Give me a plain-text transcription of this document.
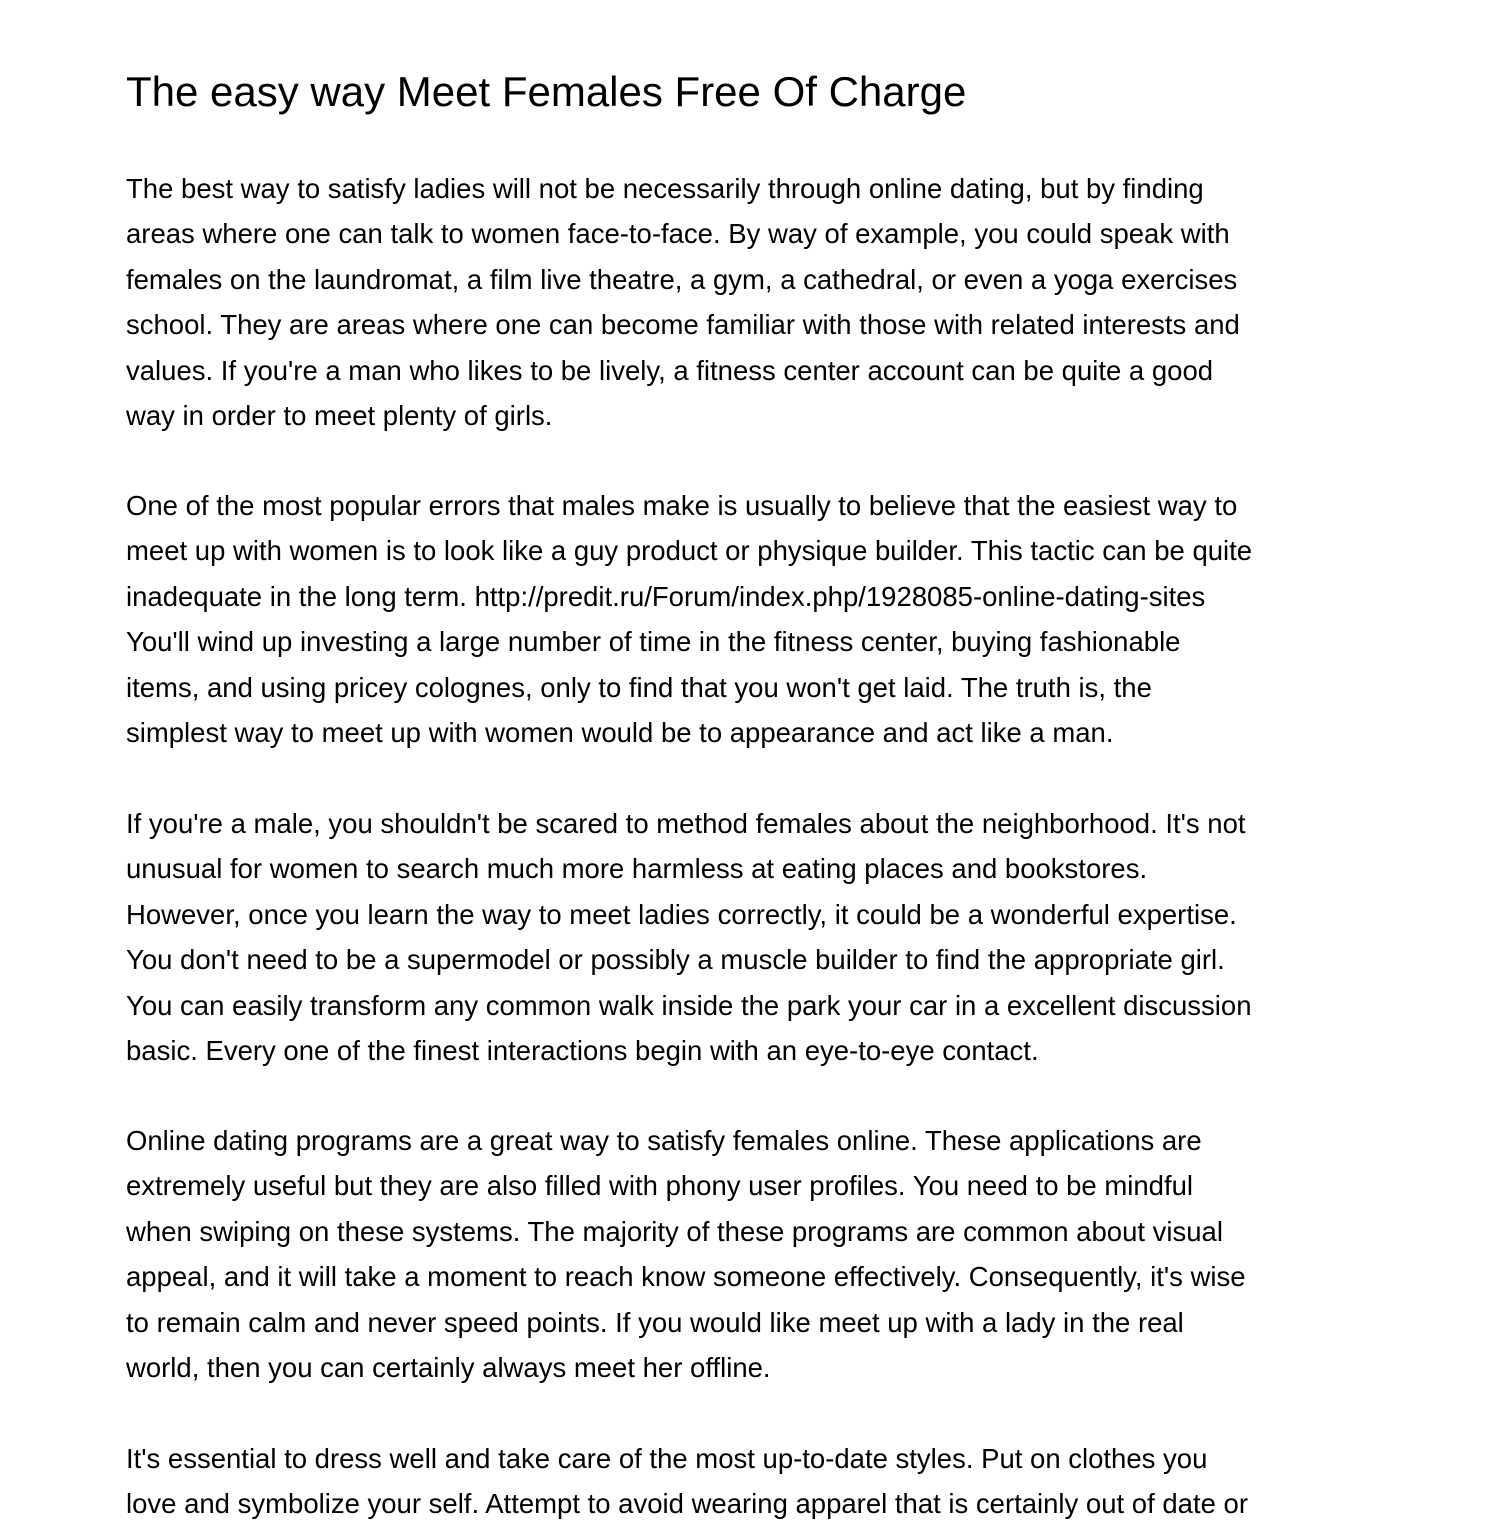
The easy way Meet Females Free Of Charge
The best way to satisfy ladies will not be necessarily through online dating, but by finding
areas where one can talk to women face-to-face. By way of example, you could speak with
females on the laundromat, a film live theatre, a gym, a cathedral, or even a yoga exercises
school. They are areas where one can become familiar with those with related interests and
values. If you're a man who likes to be lively, a fitness center account can be quite a good
way in order to meet plenty of girls.
One of the most popular errors that males make is usually to believe that the easiest way to
meet up with women is to look like a guy product or physique builder. This tactic can be quite
inadequate in the long term. http://predit.ru/Forum/index.php/1928085-online-dating-sites
You'll wind up investing a large number of time in the fitness center, buying fashionable
items, and using pricey colognes, only to find that you won't get laid. The truth is, the
simplest way to meet up with women would be to appearance and act like a man.
If you're a male, you shouldn't be scared to method females about the neighborhood. It's not
unusual for women to search much more harmless at eating places and bookstores.
However, once you learn the way to meet ladies correctly, it could be a wonderful expertise.
You don't need to be a supermodel or possibly a muscle builder to find the appropriate girl.
You can easily transform any common walk inside the park your car in a excellent discussion
basic. Every one of the finest interactions begin with an eye-to-eye contact.
Online dating programs are a great way to satisfy females online. These applications are
extremely useful but they are also filled with phony user profiles. You need to be mindful
when swiping on these systems. The majority of these programs are common about visual
appeal, and it will take a moment to reach know someone effectively. Consequently, it's wise
to remain calm and never speed points. If you would like meet up with a lady in the real
world, then you can certainly always meet her offline.
It's essential to dress well and take care of the most up-to-date styles. Put on clothes you
love and symbolize your self. Attempt to avoid wearing apparel that is certainly out of date or
